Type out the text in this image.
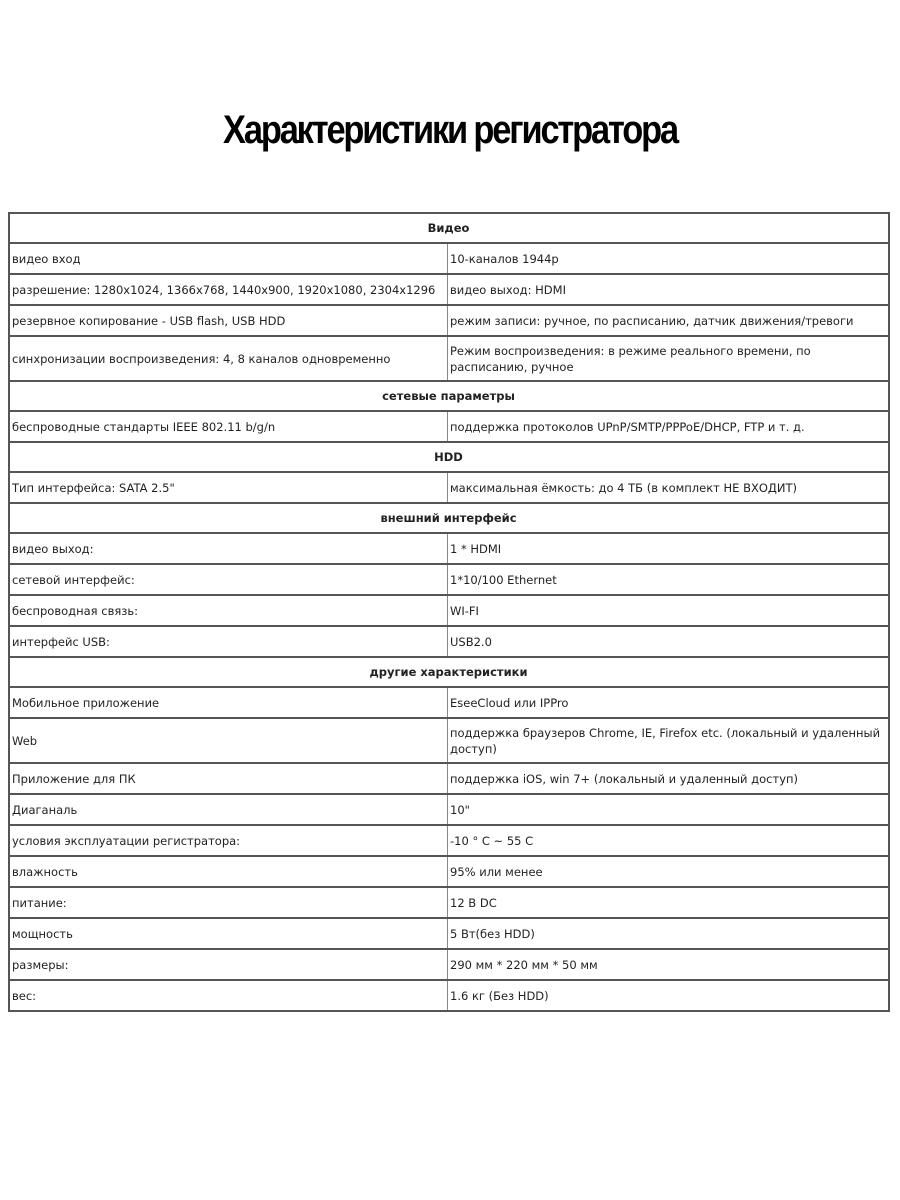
Характеристики регистратора
Видео	
видео вход	10-каналов 1944p
разрешение: 1280x1024, 1366x768, 1440x900, 1920x1080, 2304x1296	видео выход: HDMI
резервное копирование - USB flash, USB HDD	режим записи: ручное, по расписанию, датчик движения/тревоги
синхронизации воспроизведения: 4, 8 каналов одновременно	Режим воспроизведения: в режиме реального времени, по расписанию, ручное
сетевые параметры	
беспроводные стандарты IEEE 802.11 b/g/n	поддержка протоколов UPnP/SMTP/PPPoE/DHCP, FTP и т. д.
HDD	
Тип интерфейса: SATA 2.5"	максимальная ёмкость: до 4 ТБ (в комплект НЕ ВХОДИТ)
внешний интерфейс	
видео выход:	1 * HDMI
сетевой интерфейс:	1*10/100 Ethernet
беспроводная связь:	WI-FI
интерфейс USB:	USB2.0
другие характеристики	
Мобильное приложение	EseeCloud или IPPro
Web	поддержка браузеров Chrome, IE, Firefox etc. (локальный и удаленный доступ)
Приложение для ПК	поддержка iOS, win 7+ (локальный и удаленный доступ)
Диаганаль	10"
условия эксплуатации регистратора:	-10 ° C ~ 55 C
влажность	95% или менее
питание:	12 В DC
мощность	5 Вт(без HDD)
размеры:	290 мм * 220 мм * 50 мм
вес:	1.6 кг (Без HDD)
